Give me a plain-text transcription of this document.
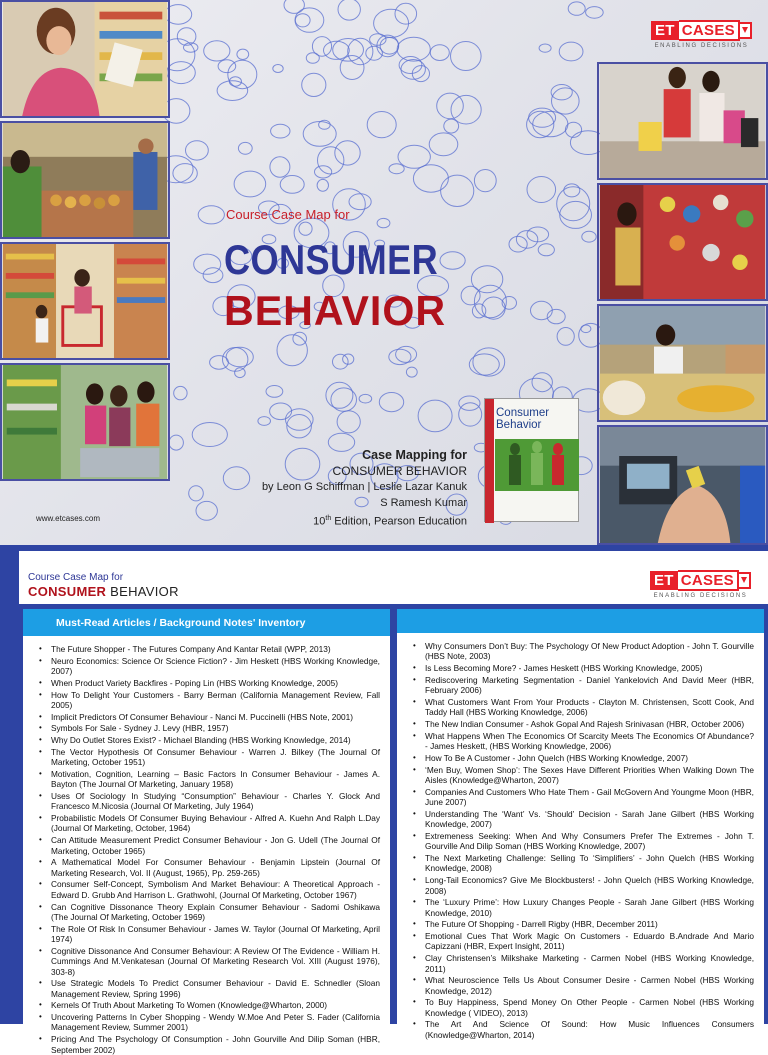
ET CASES
ENABLING DECISIONS
Course Case Map for
CONSUMER
BEHAVIOR
Case Mapping for
CONSUMER BEHAVIOR
by Leon G Schiffman | Leslie Lazar Kanuk
S Ramesh Kumar
10th Edition, Pearson Education
Consumer
Behavior
www.etcases.com
Course Case Map for
CONSUMER BEHAVIOR
ET CASES
ENABLING DECISIONS
Must-Read Articles / Background Notes' Inventory
• The Future Shopper - The Futures Company And Kantar Retail (WPP, 2013)
• Neuro Economics: Science Or Science Fiction? - Jim Heskett (HBS Working Knowledge, 2007)
• When Product Variety Backfires - Poping Lin (HBS Working Knowledge, 2005)
• How To Delight Your Customers - Barry Berman (California Management Review, Fall 2005)
• Implicit Predictors Of Consumer Behaviour - Nanci M. Puccinelli (HBS Note, 2001)
• Symbols For Sale - Sydney J. Levy (HBR, 1957)
• Why Do Outlet Stores Exist? - Michael Blanding (HBS Working Knowledge, 2014)
• The Vector Hypothesis Of Consumer Behaviour - Warren J. Bilkey (The Journal Of Marketing, October 1951)
• Motivation, Cognition, Learning – Basic Factors In Consumer Behaviour - James A. Bayton (The Journal Of Marketing, January 1958)
• Uses Of Sociology In Studying “Consumption” Behaviour - Charles Y. Glock And Francesco M.Nicosia (Journal Of Marketing, July 1964)
• Probabilistic Models Of Consumer Buying Behaviour - Alfred A. Kuehn And Ralph L.Day (Journal Of Marketing, October, 1964)
• Can Attitude Measurement Predict Consumer Behaviour - Jon G. Udell (The Journal Of Marketing, October 1965)
• A Mathematical Model For Consumer Behaviour - Benjamin Lipstein (Journal Of Marketing Research, Vol. II (August, 1965), Pp. 259-265)
• Consumer Self-Concept, Symbolism And Market Behaviour: A Theoretical Approach - Edward D. Grubb And Harrison L. Grathwohl, (Journal Of Marketing, October 1967)
• Can Cognitive Dissonance Theory Explain Consumer Behaviour - Sadomi Oshikawa (The Journal Of Marketing, October 1969)
• The Role Of Risk In Consumer Behaviour - James W. Taylor (Journal Of Marketing, April 1974)
• Cognitive Dissonance And Consumer Behaviour: A Review Of The Evidence - William H. Cummings And M.Venkatesan (Journal Of Marketing Research Vol. XIII (August 1976), 303-8)
• Use Strategic Models To Predict Consumer Behaviour - David E. Schnedler (Sloan Management Review, Spring 1996)
• Kernels Of Truth About Marketing To Women (Knowledge@Wharton, 2000)
• Uncovering Patterns In Cyber Shopping - Wendy W.Moe And Peter S. Fader (California Management Review, Summer 2001)
• Pricing And The Psychology Of Consumption - John Gourville And Dilip Soman (HBR, September 2002)
• Why Consumers Don’t Buy: The Psychology Of New Product Adoption - John T. Gourville (HBS Note, 2003)
• Is Less Becoming More? - James Heskett (HBS Working Knowledge, 2005)
• Rediscovering Marketing Segmentation - Daniel Yankelovich And David Meer (HBR, February 2006)
• What Customers Want From Your Products - Clayton M. Christensen, Scott Cook, And Taddy Hall (HBS Working Knowledge, 2006)
• The New Indian Consumer - Ashok Gopal And Rajesh Srinivasan (HBR, October 2006)
• What Happens When The Economics Of Scarcity Meets The Economics Of Abundance? - James Heskett, (HBS Working Knowledge, 2006)
• How To Be A Customer - John Quelch (HBS Working Knowledge, 2007)
• ‘Men Buy, Women Shop’: The Sexes Have Different Priorities When Walking Down The Aisles (Knowledge@Wharton, 2007)
• Companies And Customers Who Hate Them - Gail McGovern And Youngme Moon (HBR, June 2007)
• Understanding The ‘Want’ Vs. ‘Should’ Decision - Sarah Jane Gilbert (HBS Working Knowledge, 2007)
• Extremeness Seeking: When And Why Consumers Prefer The Extremes - John T. Gourville And Dilip Soman (HBS Working Knowledge, 2007)
• The Next Marketing Challenge: Selling To ‘Simplifiers’ - John Quelch (HBS Working Knowledge, 2008)
• Long-Tail Economics? Give Me Blockbusters! - John Quelch (HBS Working Knowledge, 2008)
• The ‘Luxury Prime’: How Luxury Changes People - Sarah Jane Gilbert (HBS Working Knowledge, 2010)
• The Future Of Shopping - Darrell Rigby (HBR, December 2011)
• Emotional Cues That Work Magic On Customers - Eduardo B.Andrade And Mario Capizzani (HBR, Expert Insight, 2011)
• Clay Christensen’s Milkshake Marketing - Carmen Nobel (HBS Working Knowledge, 2011)
• What Neuroscience Tells Us About Consumer Desire - Carmen Nobel (HBS Working Knowledge, 2012)
• To Buy Happiness, Spend Money On Other People - Carmen Nobel (HBS Working Knowledge ( VIDEO), 2013)
• The Art And Science Of Sound: How Music Influences Consumers (Knowledge@Wharton, 2014)
